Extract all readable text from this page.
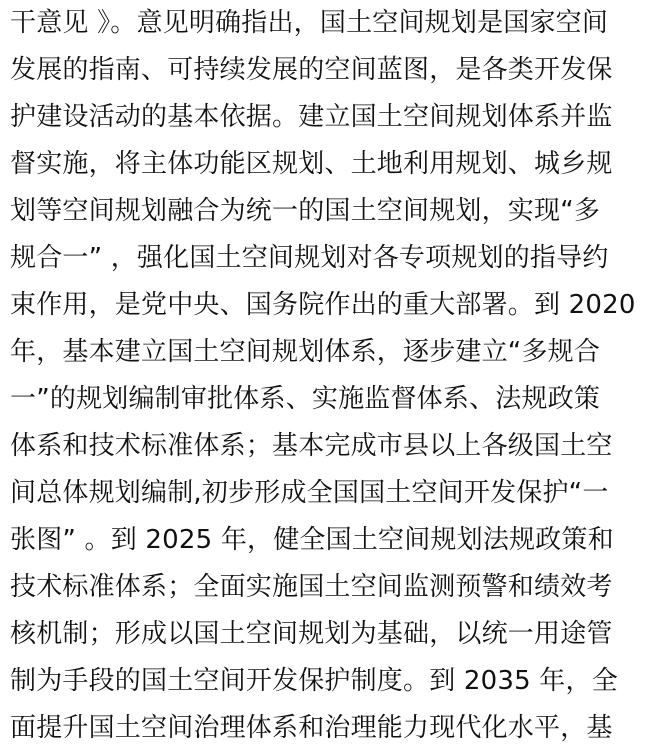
干意见 》。意见明确指出，国土空间规划是国家空间
发展的指南、可持续发展的空间蓝图，是各类开发保
护建设活动的基本依据。建立国土空间规划体系并监
督实施，将主体功能区规划、土地利用规划、城乡规
划等空间规划融合为统一的国土空间规划，实现“多
规合一” ，强化国土空间规划对各专项规划的指导约
束作用，是党中央、国务院作出的重大部署。到 2020
年，基本建立国土空间规划体系，逐步建立“多规合
一”的规划编制审批体系、实施监督体系、法规政策
体系和技术标准体系；基本完成市县以上各级国土空
间总体规划编制,初步形成全国国土空间开发保护“一
张图” 。到 2025 年，健全国土空间规划法规政策和
技术标准体系；全面实施国土空间监测预警和绩效考
核机制；形成以国土空间规划为基础，以统一用途管
制为手段的国土空间开发保护制度。到 2035 年，全
面提升国土空间治理体系和治理能力现代化水平，基
